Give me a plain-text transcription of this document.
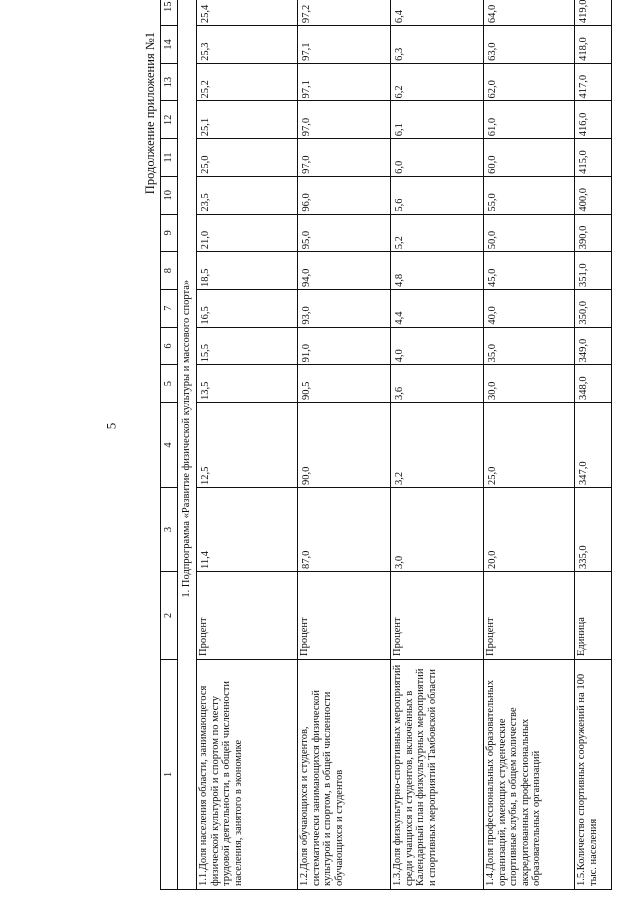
5
Продолжение приложения №1
1	2	3	4	5	6	7	8	9	10	11	12	13	14	15
1. Подпрограмма «Развитие физической культуры и массового спорта»														
1.1.Доля населения области, занимающегося физической культурой и спортом по месту трудовой деятельности, в общей численности населения, занятого в экономике	Процент	11,4	12,5	13,5	15,5	16,5	18,5	21,0	23,5	25,0	25,1	25,2	25,3	25,4
1.2.Доля обучающихся и студентов, систематически занимающихся физической культурой и спортом, в общей численности обучающихся и студентов	Процент	87,0	90,0	90,5	91,0	93,0	94,0	95,0	96,0	97,0	97,0	97,1	97,1	97,2
1.3.Доля физкультурно-спортивных мероприятий среди учащихся и студентов, включённых в Календарный план физкультурных мероприятий и спортивных мероприятий Тамбовской области	Процент	3,0	3,2	3,6	4,0	4,4	4,8	5,2	5,6	6,0	6,1	6,2	6,3	6,4
1.4.Доля профессиональных образовательных организаций, имеющих студенческие спортивные клубы, в общем количестве аккредитованных профессиональных образовательных организаций	Процент	20,0	25,0	30,0	35,0	40,0	45,0	50,0	55,0	60,0	61,0	62,0	63,0	64,0
1.5.Количество спортивных сооружений на 100 тыс. населения	Единица	335,0	347,0	348,0	349,0	350,0	351,0	390,0	400,0	415,0	416,0	417,0	418,0	419,0
